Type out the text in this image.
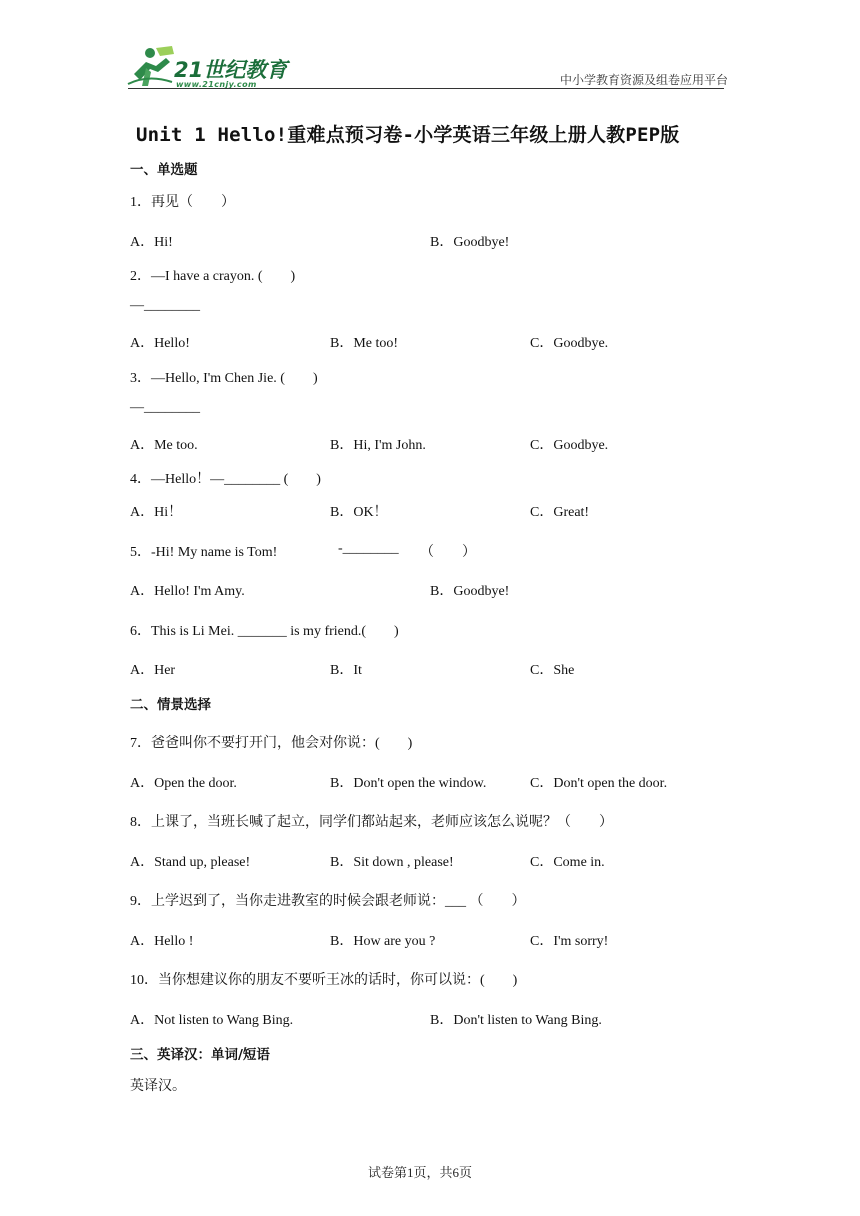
21世纪教育
www.21cnjy.com	中小学教育资源及组卷应用平台
Unit 1 Hello!重难点预习卷-小学英语三年级上册人教PEP版
一、单选题
1．再见（　　）
A．Hi!	B．Goodbye!
2．—I have a crayon. (　　)
—________
A．Hello!	B．Me too!	C．Goodbye.
3．—Hello, I'm Chen Jie. (　　)
—________
A．Me too.	B．Hi, I'm John.	C．Goodbye.
4．—Hello！—________ (　　)
A．Hi！	B．OK！	C．Great!
5．-Hi! My name is Tom!	-________ （　　）
A．Hello! I'm Amy.	B．Goodbye!
6．This is Li Mei. _______ is my friend.(　　)
A．Her	B．It	C．She
二、情景选择
7．爸爸叫你不要打开门，他会对你说：(　　)
A．Open the door.	B．Don't open the window.	C．Don't open the door.
8．上课了，当班长喊了起立，同学们都站起来，老师应该怎么说呢？（　　）
A．Stand up, please!	B．Sit down , please!	C．Come in.
9．上学迟到了，当你走进教室的时候会跟老师说：___ （　　）
A．Hello !	B．How are you ?	C．I'm sorry!
10．当你想建议你的朋友不要听王冰的话时，你可以说：(　　)
A．Not listen to Wang Bing.	B．Don't listen to Wang Bing.
三、英译汉：单词/短语
英译汉。
试卷第1页，共6页
